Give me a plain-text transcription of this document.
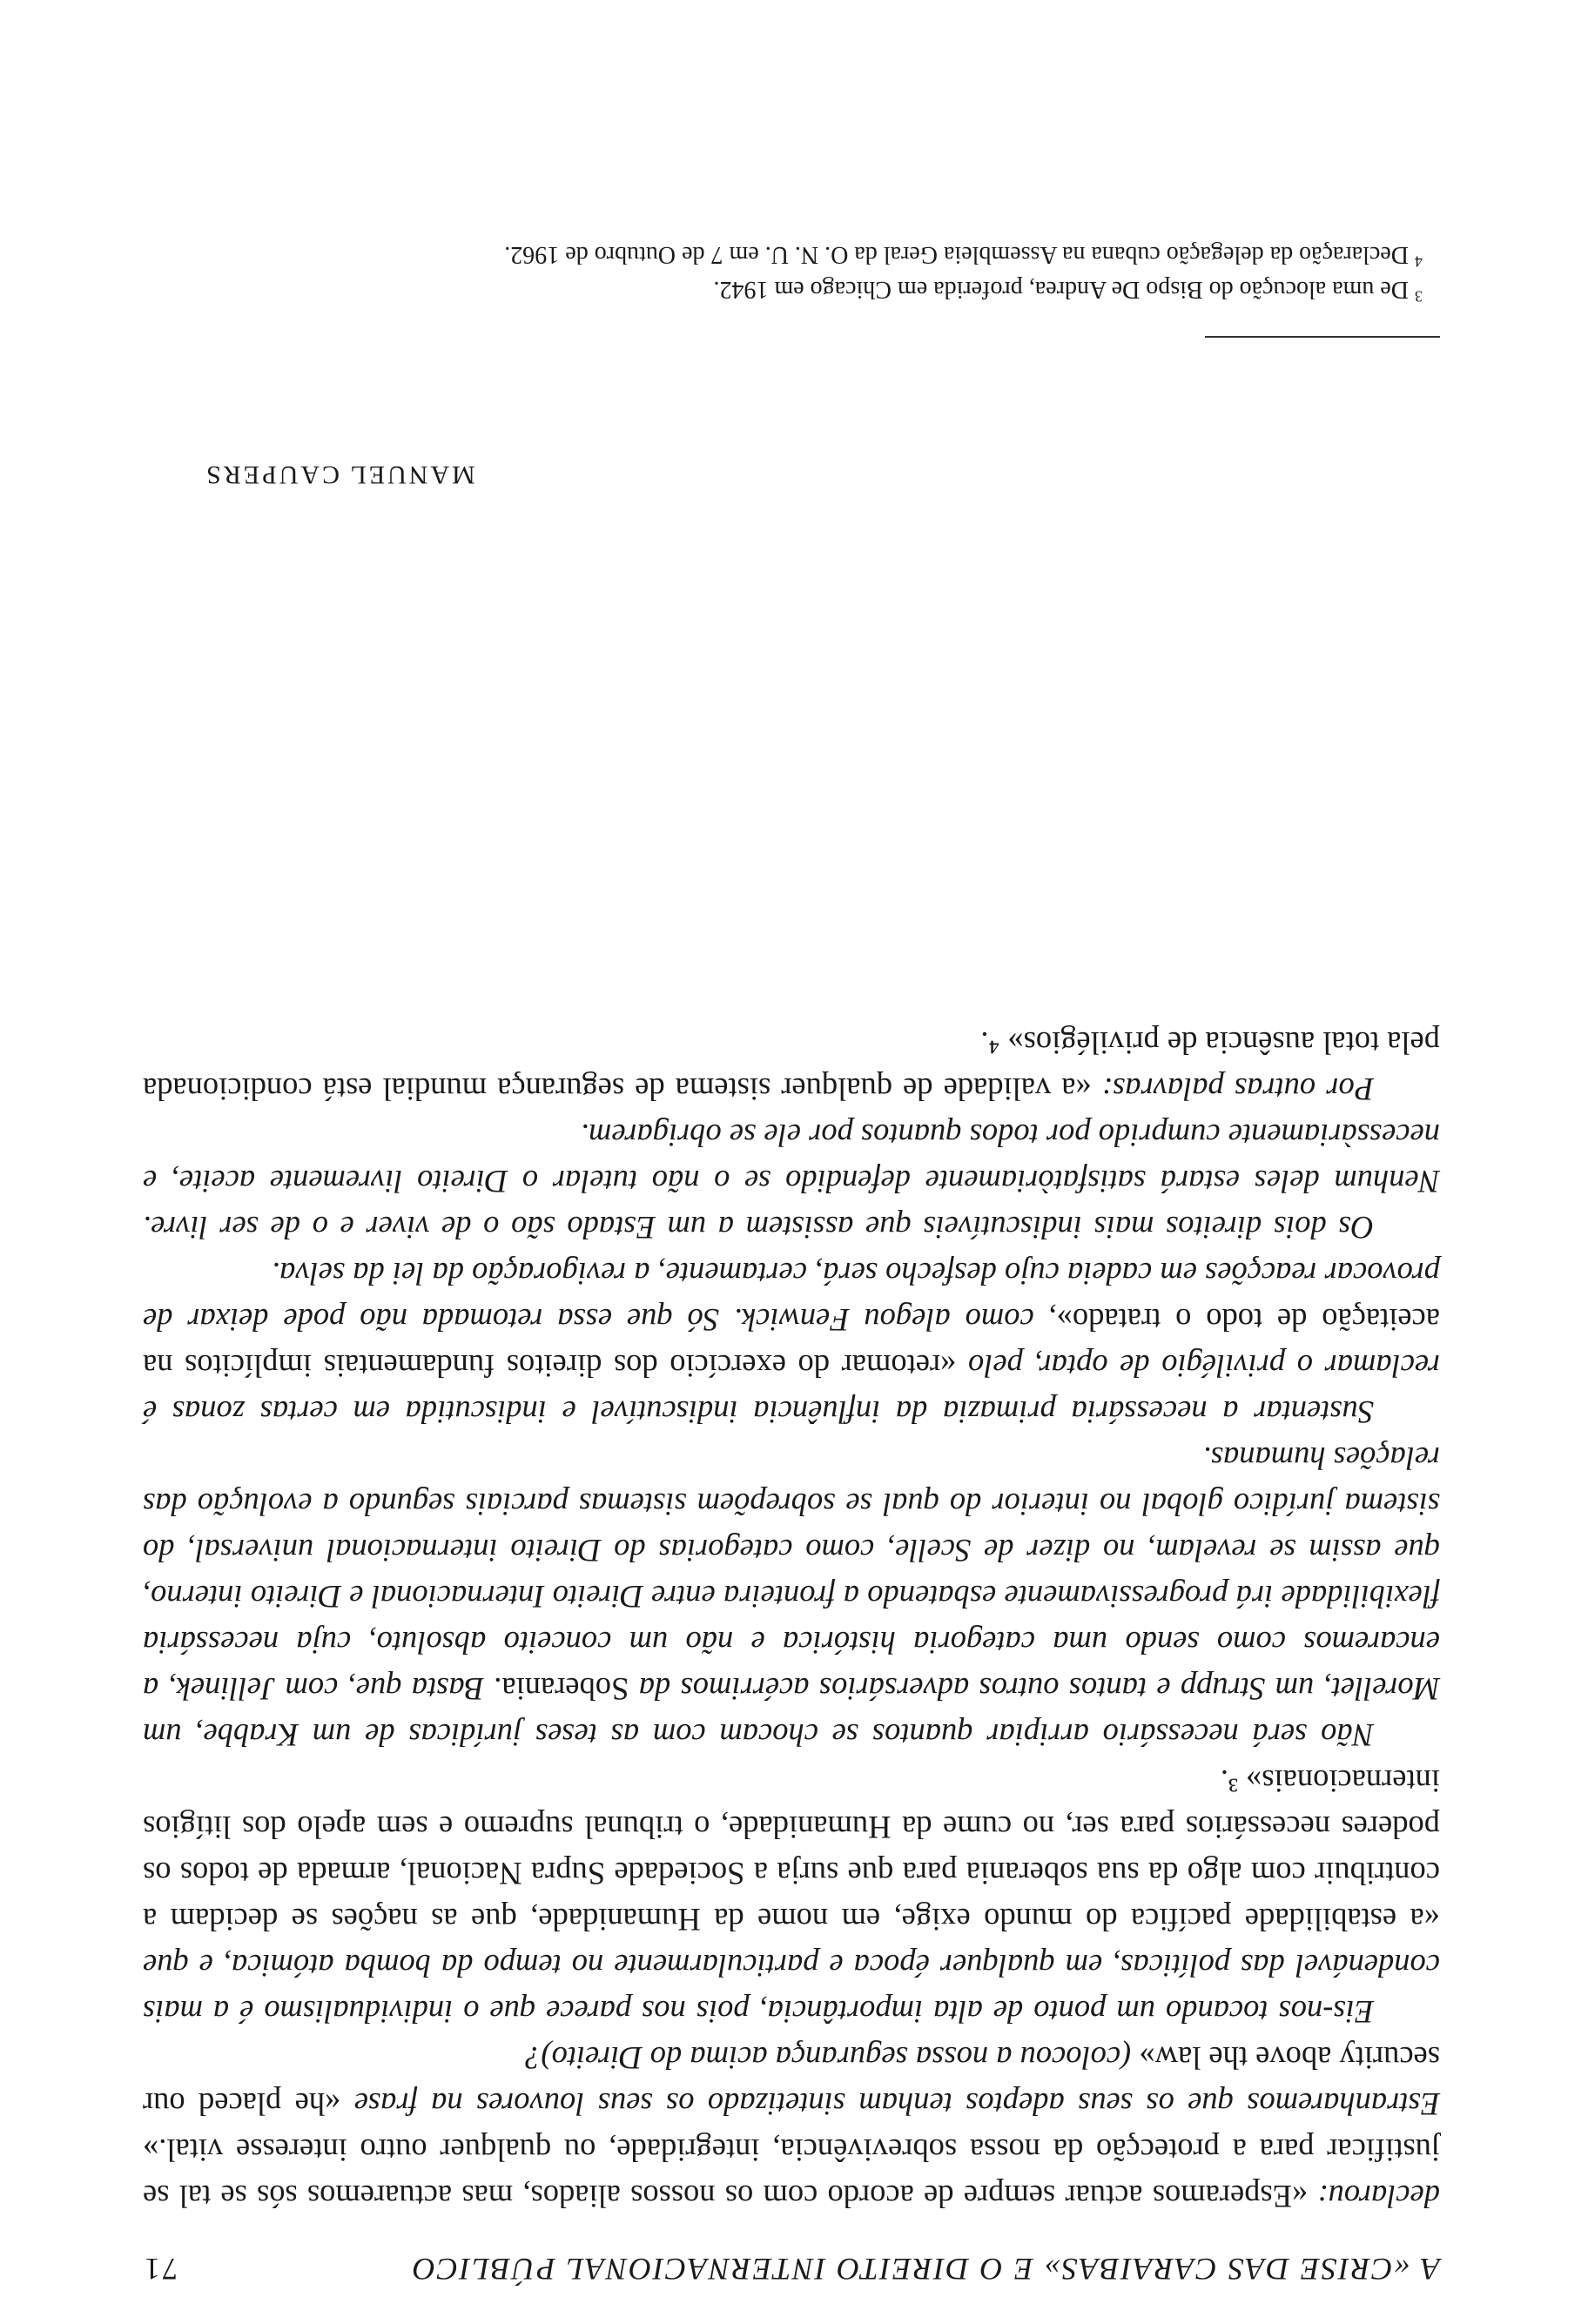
A «CRISE DAS CARAIBAS» E O DIREITO INTERNACIONAL PÚBLICO
71

declarou: «Esperamos actuar sempre de acordo com os nossos aliados, mas actuaremos sós se tal se justificar para a protecção da nossa sobrevivência, integridade, ou qualquer outro interesse vital.» Estranharemos que os seus adeptos tenham sintetizado os seus louvores na frase «he placed our security above the law» (colocou a nossa segurança acima do Direito)?

Eis-nos tocando um ponto de alta importância, pois nos parece que o individualismo é a mais condenável das políticas, em qualquer época e particularmente no tempo da bomba atómica, e que «a estabilidade pacífica do mundo exige, em nome da Humanidade, que as nações se decidam a contribuir com algo da sua soberania para que surja a Sociedade Supra Nacional, armada de todos os poderes necessários para ser, no cume da Humanidade, o tribunal supremo e sem apelo dos litígios internacionais» ³.

Não será necessário arripiar quantos se chocam com as teses jurídicas de um Krabbe, um Morellet, um Strupp e tantos outros adversários acérrimos da Soberania. Basta que, com Jellinek, a encaremos como sendo uma categoria histórica e não um conceito absoluto, cuja necessária flexibilidade irá progressivamente esbatendo a fronteira entre Direito Internacional e Direito interno, que assim se revelam, no dizer de Scelle, como categorias do Direito internacional universal, do sistema jurídico global no interior do qual se sobrepõem sistemas parciais segundo a evolução das relações humanas.

Sustentar a necessária primazia da influência indiscutível e indiscutida em certas zonas é reclamar o privilégio de optar, pelo «retomar do exercício dos direitos fundamentais implícitos na aceitação de todo o tratado», como alegou Fenwick. Só que essa retomada não pode deixar de provocar reacções em cadeia cujo desfecho será, certamente, a revigoração da lei da selva.

Os dois direitos mais indiscutíveis que assistem a um Estado são o de viver e o de ser livre. Nenhum deles estará satisfatòriamente defendido se o não tutelar o Direito livremente aceite, e necessàriamente cumprido por todos quantos por ele se obrigarem.

Por outras palavras: «a validade de qualquer sistema de segurança mundial está condicionada pela total ausência de privilégios» ⁴.

MANUEL CAUPERS

$^3$ De uma alocução do Bispo De Andrea, proferida em Chicago em 1942.

$^4$ Declaração da delegação cubana na Assembleia Geral da O. N. U. em 7 de Outubro de 1962.
